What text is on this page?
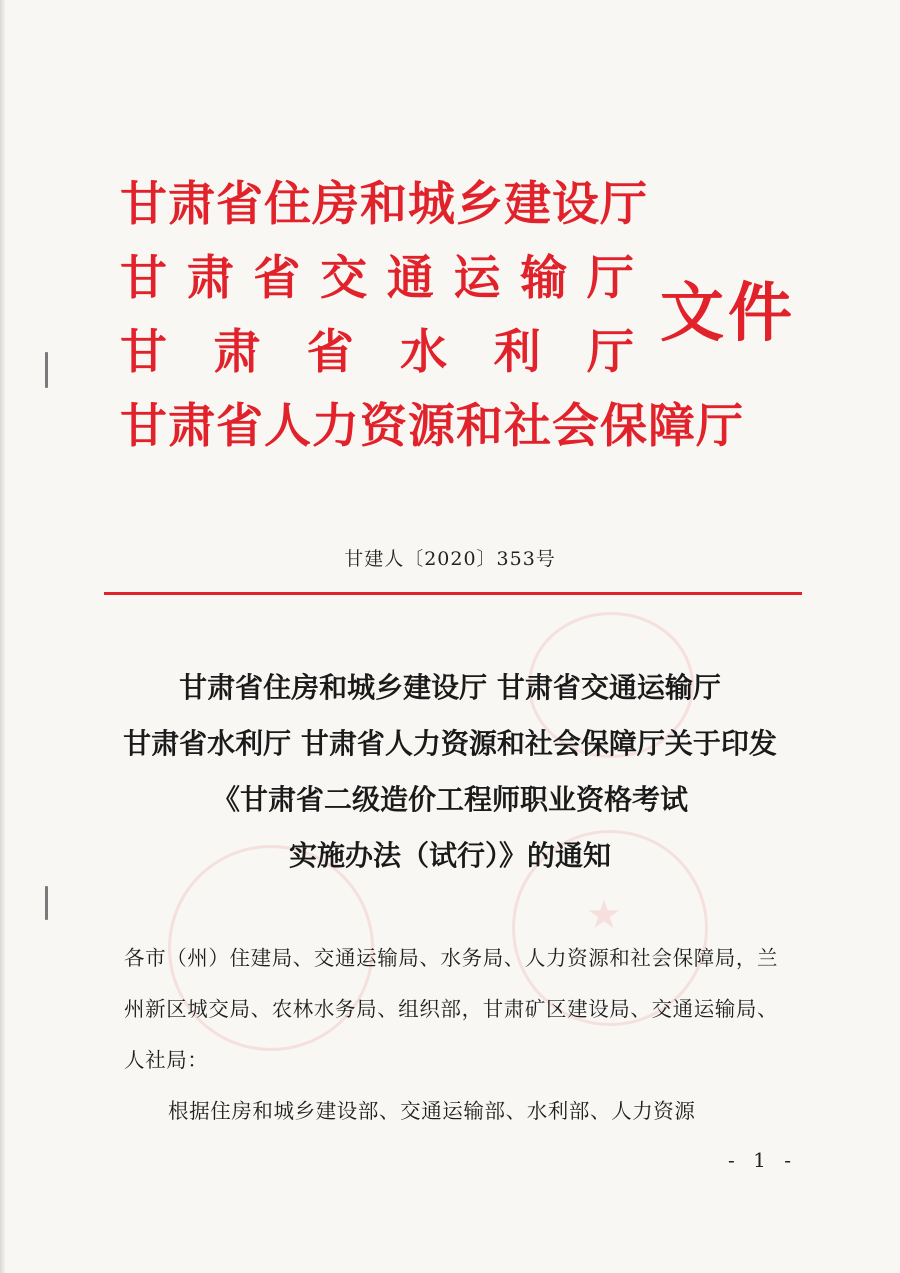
★
甘肃省住房和城乡建设厅
甘 肃 省 交 通 运 输 厅
甘 肃 省 水 利 厅
甘肃省人力资源和社会保障厅
文件
甘建人〔2020〕353号
甘肃省住房和城乡建设厅 甘肃省交通运输厅
甘肃省水利厅 甘肃省人力资源和社会保障厅关于印发
《甘肃省二级造价工程师职业资格考试
实施办法（试行）》的通知
各市（州）住建局、交通运输局、水务局、人力资源和社会保障局，兰州新区城交局、农林水务局、组织部，甘肃矿区建设局、交通运输局、人社局：
根据住房和城乡建设部、交通运输部、水利部、人力资源
- 1 -
